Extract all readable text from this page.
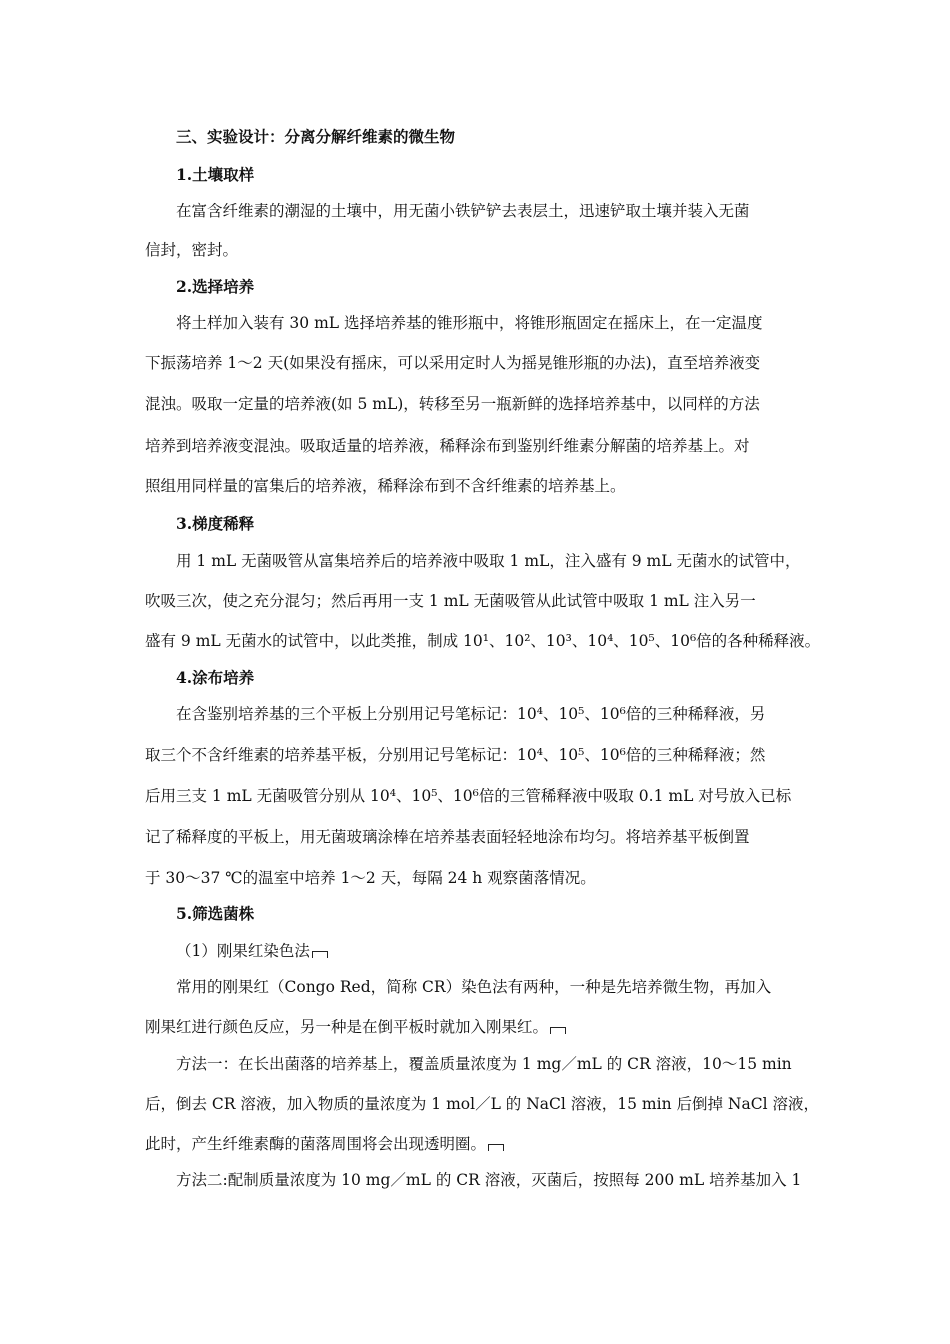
三、实验设计：分离分解纤维素的微生物
1.土壤取样
在富含纤维素的潮湿的土壤中，用无菌小铁铲铲去表层土，迅速铲取土壤并装入无菌
信封，密封。
2.选择培养
将土样加入装有 30 mL 选择培养基的锥形瓶中，将锥形瓶固定在摇床上，在一定温度
下振荡培养 1～2 天(如果没有摇床，可以采用定时人为摇晃锥形瓶的办法)，直至培养液变
混浊。吸取一定量的培养液(如 5 mL)，转移至另一瓶新鲜的选择培养基中，以同样的方法
培养到培养液变混浊。吸取适量的培养液，稀释涂布到鉴别纤维素分解菌的培养基上。对
照组用同样量的富集后的培养液，稀释涂布到不含纤维素的培养基上。
3.梯度稀释
用 1 mL 无菌吸管从富集培养后的培养液中吸取 1 mL，注入盛有 9 mL 无菌水的试管中，
吹吸三次，使之充分混匀；然后再用一支 1 mL 无菌吸管从此试管中吸取 1 mL 注入另一
盛有 9 mL 无菌水的试管中，以此类推，制成 10¹、10²、10³、10⁴、10⁵、10⁶倍的各种稀释液。
4.涂布培养
在含鉴别培养基的三个平板上分别用记号笔标记：10⁴、10⁵、10⁶倍的三种稀释液，另
取三个不含纤维素的培养基平板，分别用记号笔标记：10⁴、10⁵、10⁶倍的三种稀释液；然
后用三支 1 mL 无菌吸管分别从 10⁴、10⁵、10⁶倍的三管稀释液中吸取 0.1 mL 对号放入已标
记了稀释度的平板上，用无菌玻璃涂棒在培养基表面轻轻地涂布均匀。将培养基平板倒置
于 30～37 ℃的温室中培养 1～2 天，每隔 24 h 观察菌落情况。
5.筛选菌株
（1）刚果红染色法
常用的刚果红（Congo Red，简称 CR）染色法有两种，一种是先培养微生物，再加入
刚果红进行颜色反应，另一种是在倒平板时就加入刚果红。
方法一：在长出菌落的培养基上，覆盖质量浓度为 1 mg／mL 的 CR 溶液，10～15 min
后，倒去 CR 溶液，加入物质的量浓度为 1 mol／L 的 NaCl 溶液，15 min 后倒掉 NaCl 溶液，
此时，产生纤维素酶的菌落周围将会出现透明圈。
方法二:配制质量浓度为 10 mg／mL 的 CR 溶液，灭菌后，按照每 200 mL 培养基加入 1
